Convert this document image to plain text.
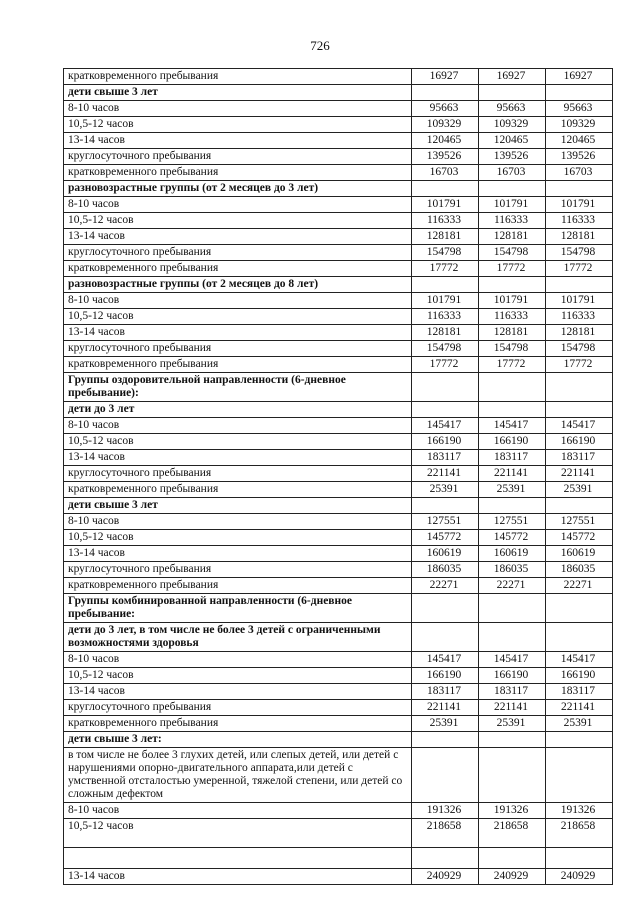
726
кратковременного пребывания	16927	16927	16927
дети свыше 3 лет			
8-10 часов	95663	95663	95663
10,5-12 часов	109329	109329	109329
13-14 часов	120465	120465	120465
круглосуточного пребывания	139526	139526	139526
кратковременного пребывания	16703	16703	16703
разновозрастные группы (от 2 месяцев до 3 лет)			
8-10 часов	101791	101791	101791
10,5-12 часов	116333	116333	116333
13-14 часов	128181	128181	128181
круглосуточного пребывания	154798	154798	154798
кратковременного пребывания	17772	17772	17772
разновозрастные группы (от 2 месяцев до 8 лет)			
8-10 часов	101791	101791	101791
10,5-12 часов	116333	116333	116333
13-14 часов	128181	128181	128181
круглосуточного пребывания	154798	154798	154798
кратковременного пребывания	17772	17772	17772
Группы оздоровительной направленности (6-дневное пребывание):			
дети до 3 лет			
8-10 часов	145417	145417	145417
10,5-12 часов	166190	166190	166190
13-14 часов	183117	183117	183117
круглосуточного пребывания	221141	221141	221141
кратковременного пребывания	25391	25391	25391
дети свыше 3 лет			
8-10 часов	127551	127551	127551
10,5-12 часов	145772	145772	145772
13-14 часов	160619	160619	160619
круглосуточного пребывания	186035	186035	186035
кратковременного пребывания	22271	22271	22271
Группы комбинированной направленности (6-дневное пребывание:			
дети до 3 лет, в том числе не более 3 детей с ограниченными возможностями здоровья			
8-10 часов	145417	145417	145417
10,5-12 часов	166190	166190	166190
13-14 часов	183117	183117	183117
круглосуточного пребывания	221141	221141	221141
кратковременного пребывания	25391	25391	25391
дети свыше 3 лет:			
в том числе не более 3 глухих детей, или слепых детей, или детей с нарушениями опорно-двигательного аппарата,или детей с умственной отсталостью умеренной, тяжелой степени, или детей со сложным дефектом			
8-10 часов	191326	191326	191326
10,5-12 часов	218658	218658	218658

13-14 часов	240929	240929	240929
